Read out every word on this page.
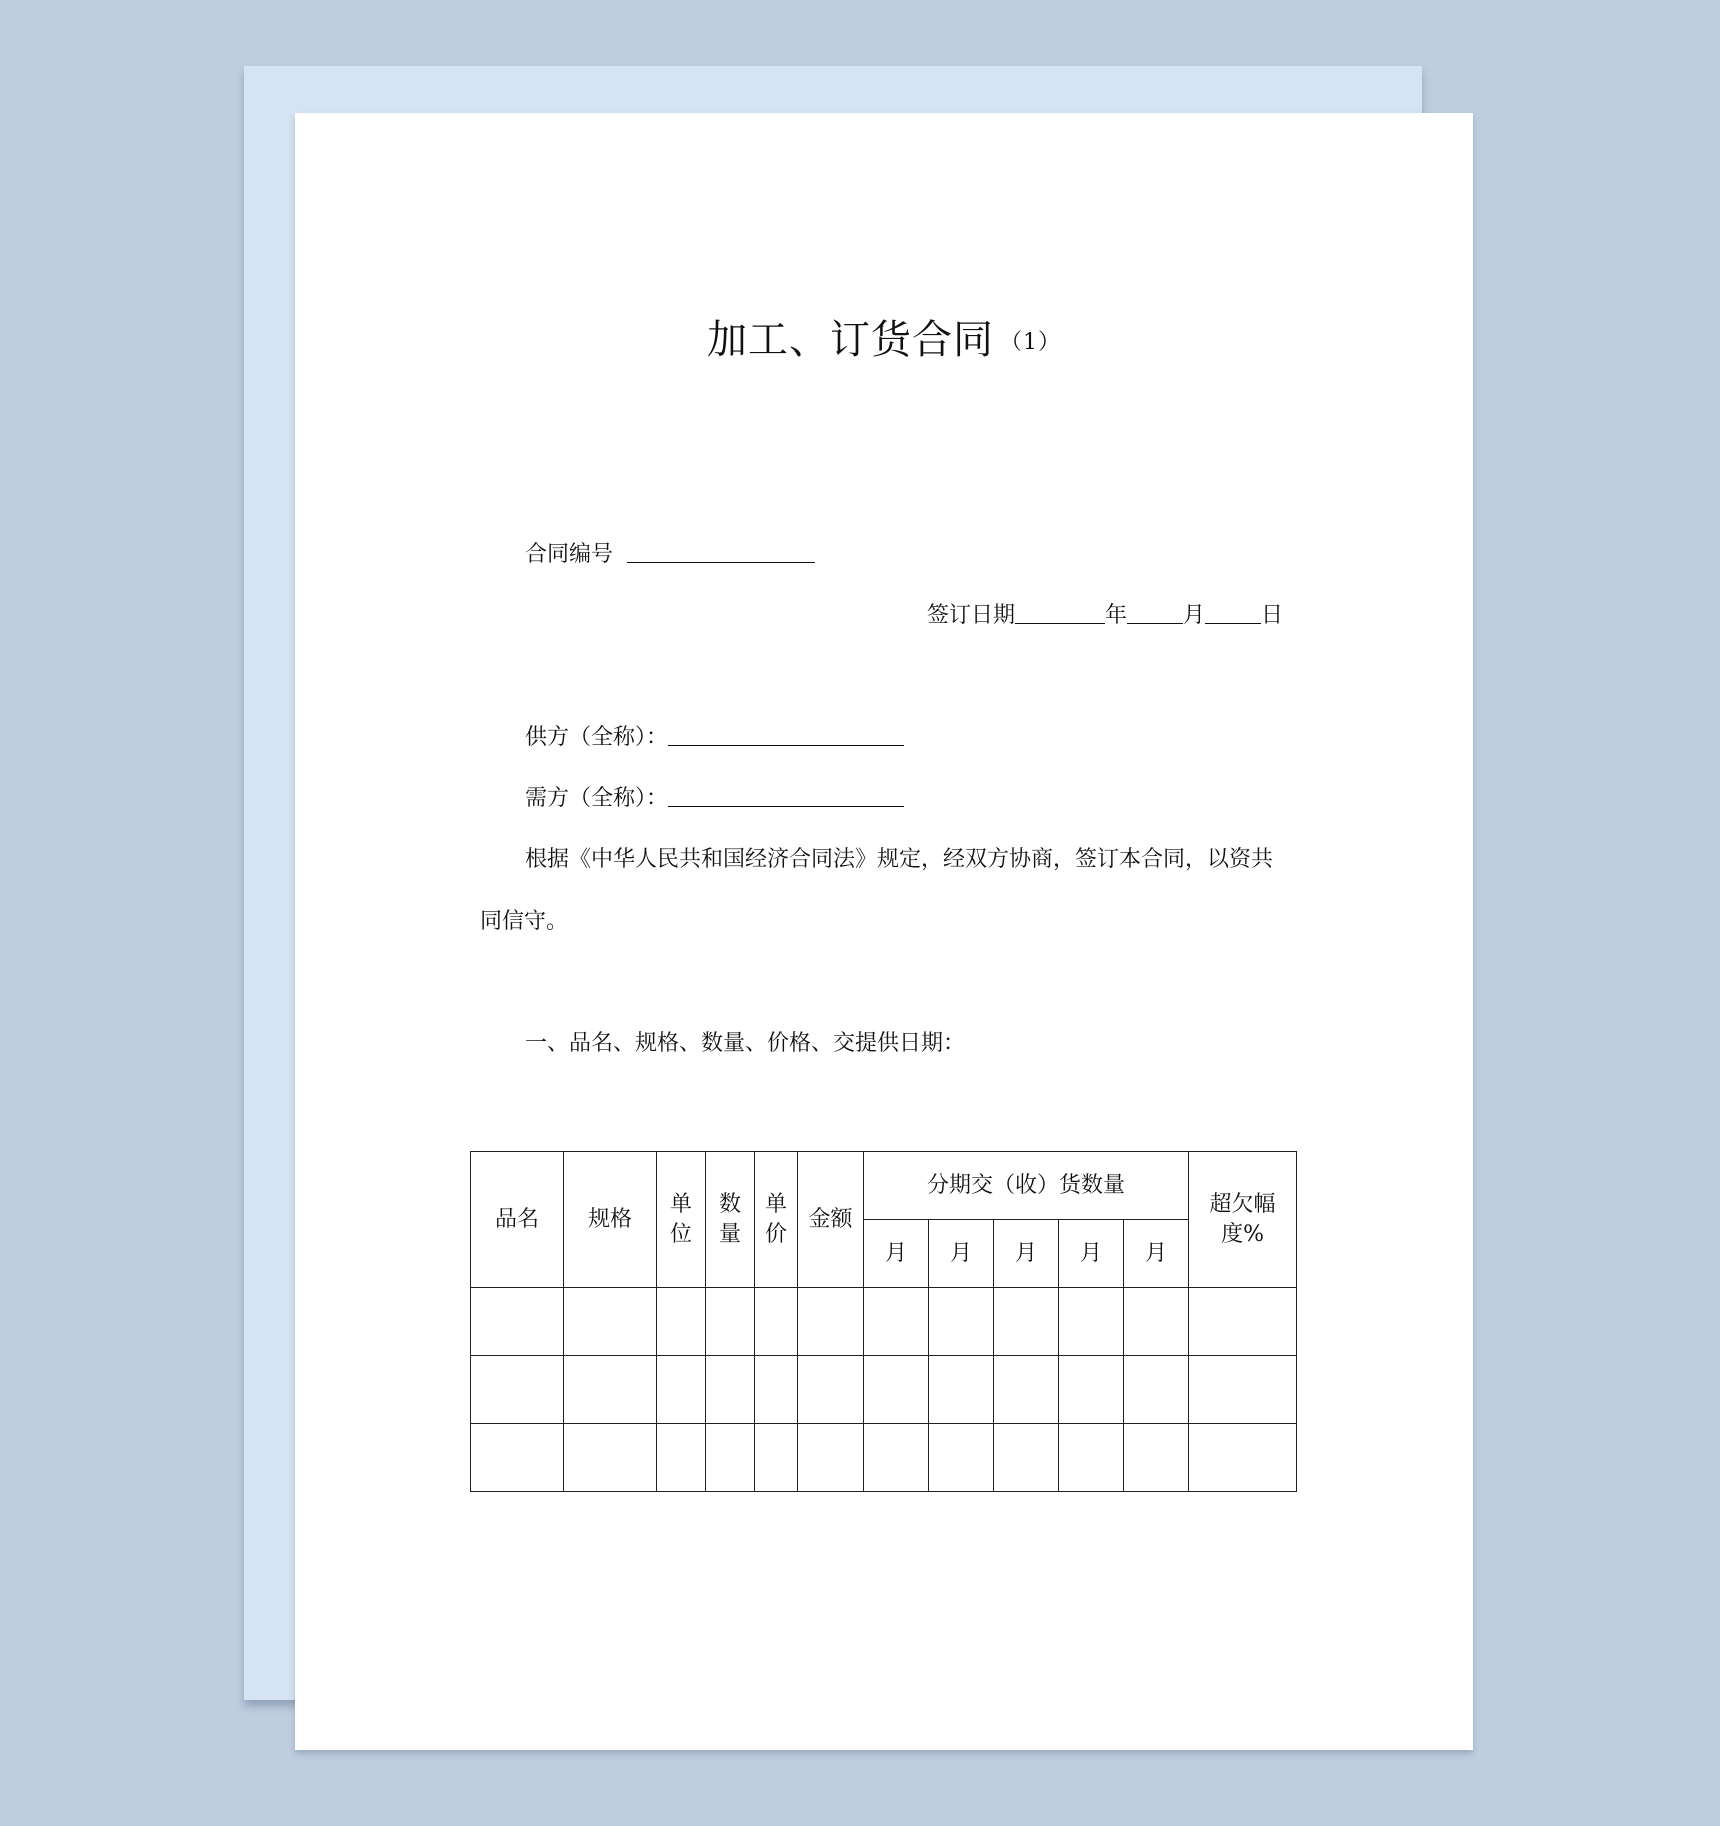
加工、订货合同 （1）
合同编号
签订日期	年	月	日
供方（全称）：
需方（全称）：
根据《中华人民共和国经济合同法》规定，经双方协商，签订本合同，以资共
同信守。
一、品名、规格、数量、价格、交提供日期：
品名	规格	单位	数量	单价	金额	分期交（收）货数量					超欠幅度%
						月	月	月	月	月	
